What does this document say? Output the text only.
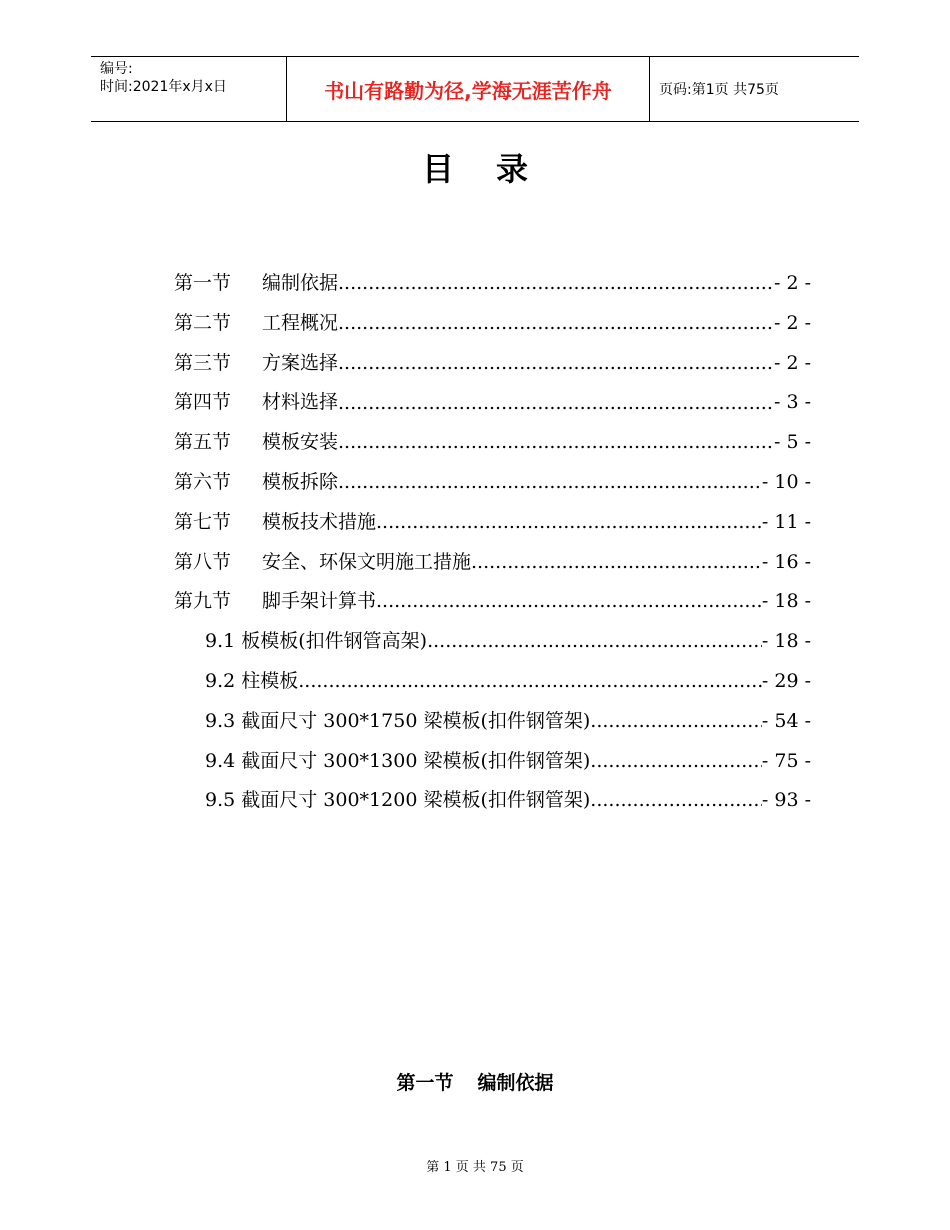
编号:
时间:2021年x月x日	书山有路勤为径,学海无涯苦作舟	页码:第1页 共75页
目录
第一节	编制依据 .....	- 2 -
第二节	工程概况 .....	- 2 -
第三节	方案选择 .....	- 2 -
第四节	材料选择 .....	- 3 -
第五节	模板安装 .....	- 5 -
第六节	模板拆除 .....	- 10 -
第七节	模板技术措施 .....	- 11 -
第八节	安全、环保文明施工措施 .....	- 16 -
第九节	脚手架计算书 .....	- 18 -
9.1 板模板(扣件钢管高架) .....	- 18 -
9.2 柱模板 .....	- 29 -
9.3 截面尺寸 300*1750 梁模板(扣件钢管架) .....	- 54 -
9.4 截面尺寸 300*1300 梁模板(扣件钢管架) .....	- 75 -
9.5 截面尺寸 300*1200 梁模板(扣件钢管架) .....	- 93 -
第一节 编制依据
第 1 页 共 75 页
